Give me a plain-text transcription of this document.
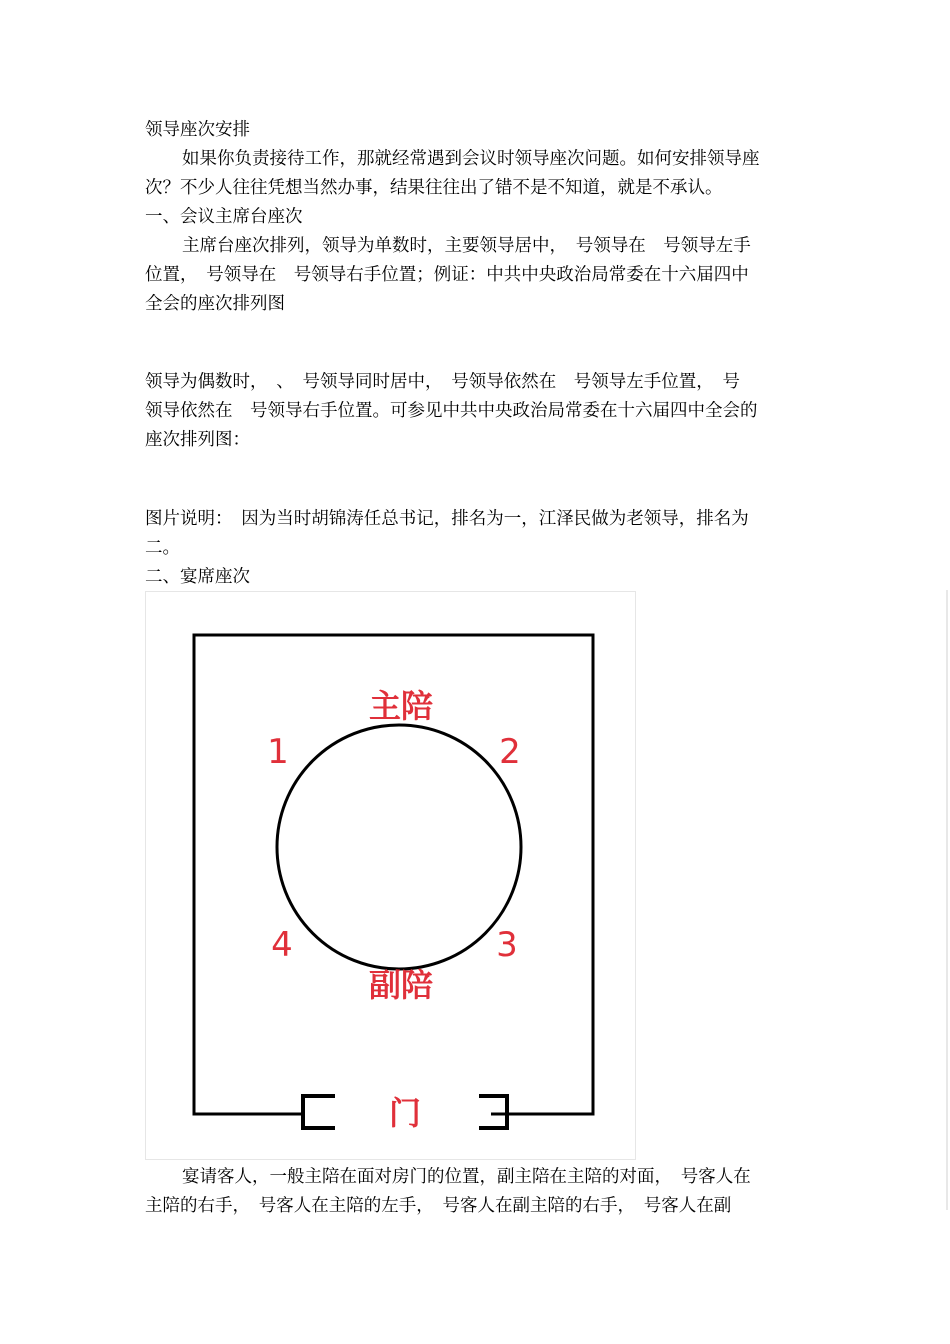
领导座次安排
如果你负责接待工作，那就经常遇到会议时领导座次问题。如何安排领导座
次？不少人往往凭想当然办事，结果往往出了错不是不知道，就是不承认。
一、会议主席台座次
主席台座次排列，领导为单数时，主要领导居中，　号领导在　号领导左手
位置，　号领导在　号领导右手位置；例证：中共中央政治局常委在十六届四中
全会的座次排列图
领导为偶数时，　、　号领导同时居中，　号领导依然在　号领导左手位置，　号
领导依然在　号领导右手位置。可参见中共中央政治局常委在十六届四中全会的
座次排列图：
图片说明：　因为当时胡锦涛任总书记，排名为一，江泽民做为老领导，排名为
二。
二、宴席座次
主陪
副陪
1	2
3
4
门
宴请客人，一般主陪在面对房门的位置，副主陪在主陪的对面，　号客人在
主陪的右手，　号客人在主陪的左手，　号客人在副主陪的右手，　号客人在副
